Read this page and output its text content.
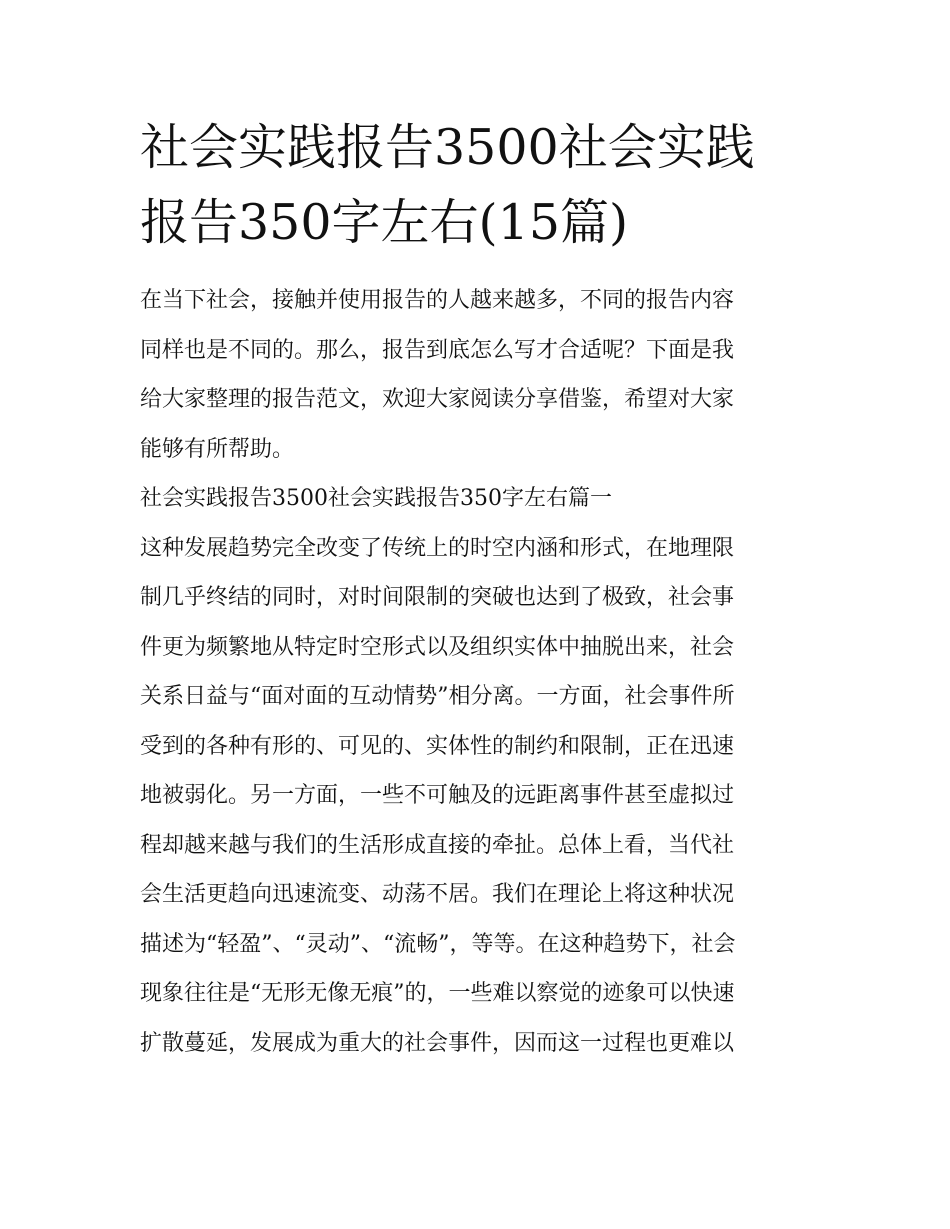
社会实践报告3500社会实践
报告350字左右(15篇)
在当下社会，接触并使用报告的人越来越多，不同的报告内容
同样也是不同的。那么，报告到底怎么写才合适呢？下面是我
给大家整理的报告范文，欢迎大家阅读分享借鉴，希望对大家
能够有所帮助。
社会实践报告3500社会实践报告350字左右篇一
这种发展趋势完全改变了传统上的时空内涵和形式，在地理限
制几乎终结的同时，对时间限制的突破也达到了极致，社会事
件更为频繁地从特定时空形式以及组织实体中抽脱出来，社会
关系日益与“面对面的互动情势”相分离。一方面，社会事件所
受到的各种有形的、可见的、实体性的制约和限制，正在迅速
地被弱化。另一方面，一些不可触及的远距离事件甚至虚拟过
程却越来越与我们的生活形成直接的牵扯。总体上看，当代社
会生活更趋向迅速流变、动荡不居。我们在理论上将这种状况
描述为“轻盈”、“灵动”、“流畅”，等等。在这种趋势下，社会
现象往往是“无形无像无痕”的，一些难以察觉的迹象可以快速
扩散蔓延，发展成为重大的社会事件，因而这一过程也更难以
